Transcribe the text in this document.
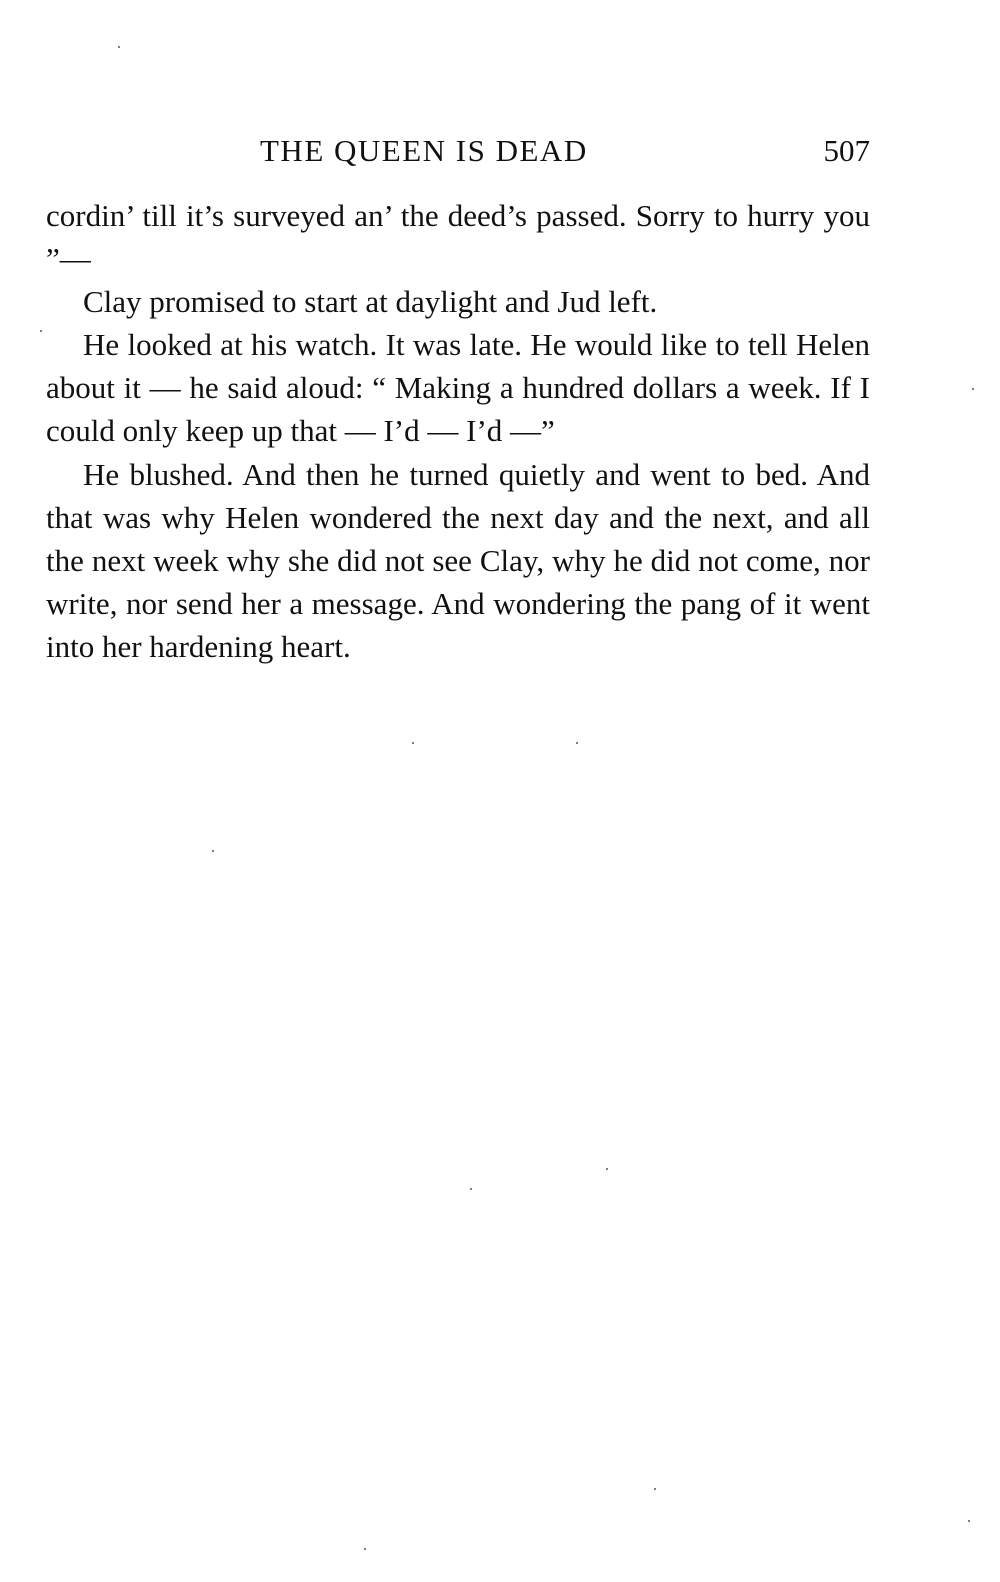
THE QUEEN IS DEAD	507

cordin’ till it’s surveyed an’ the deed’s passed. Sorry to hurry you ”—

Clay promised to start at daylight and Jud left.

He looked at his watch. It was late. He would like to tell Helen about it — he said aloud: “ Making a hundred dollars a week. If I could only keep up that — I’d — I’d —”

He blushed. And then he turned quietly and went to bed. And that was why Helen wondered the next day and the next, and all the next week why she did not see Clay, why he did not come, nor write, nor send her a message. And wondering the pang of it went into her hardening heart.
